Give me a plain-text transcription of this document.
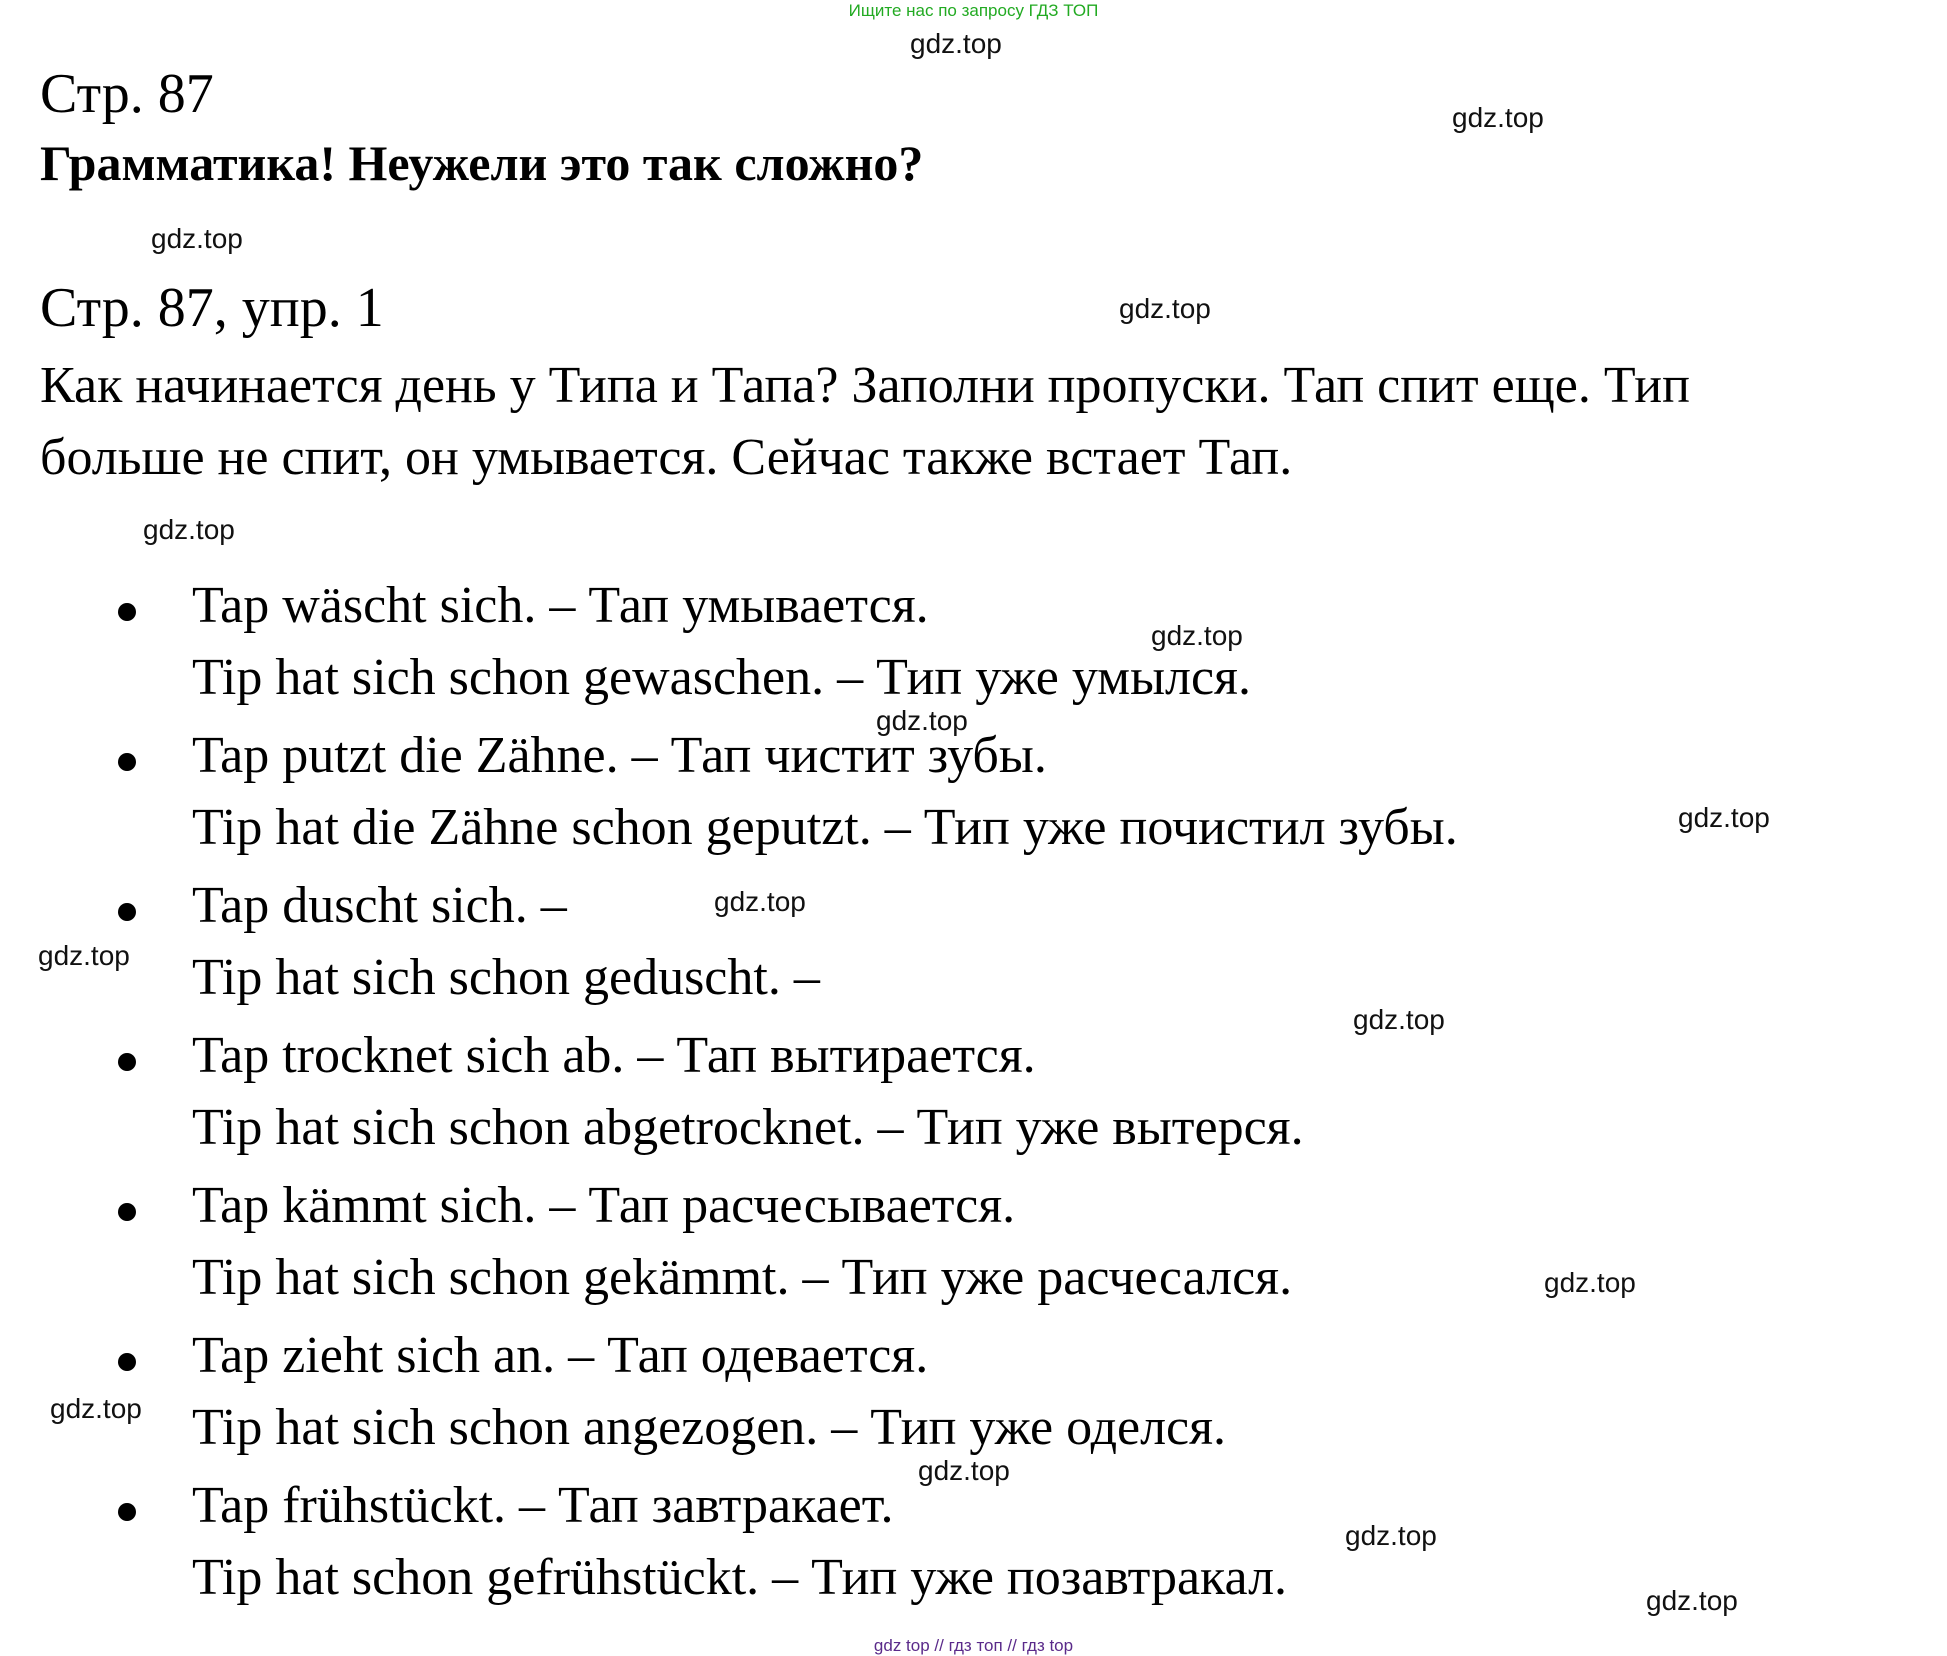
Ищите нас по запросу ГДЗ ТОП
gdz.top
gdz.top
gdz.top
gdz.top
gdz.top
gdz.top
gdz.top
gdz.top
gdz.top
gdz.top
gdz.top
gdz.top
gdz.top
gdz.top
gdz.top
gdz.top
Стр. 87
Грамматика! Неужели это так сложно?
Стр. 87, упр. 1
Как начинается день у Типа и Тапа? Заполни пропуски. Тап спит еще. Тип
больше не спит, он умывается. Сейчас также встает Тап.
Tap wäscht sich. – Тап умывается.
Tip hat sich schon gewaschen. – Тип уже умылся.
Tap putzt die Zähne. – Тап чистит зубы.
Tip hat die Zähne schon geputzt. – Тип уже почистил зубы.
Tap duscht sich. –
Tip hat sich schon geduscht. –
Tap trocknet sich ab. – Тап вытирается.
Tip hat sich schon abgetrocknet. – Тип уже вытерся.
Tap kämmt sich. – Тап расчесывается.
Tip hat sich schon gekämmt. – Тип уже расчесался.
Tap zieht sich an. – Тап одевается.
Tip hat sich schon angezogen. – Тип уже оделся.
Tap frühstückt. – Тап завтракает.
Tip hat schon gefrühstückt. – Тип уже позавтракал.
gdz top // гдз топ // гдз top
